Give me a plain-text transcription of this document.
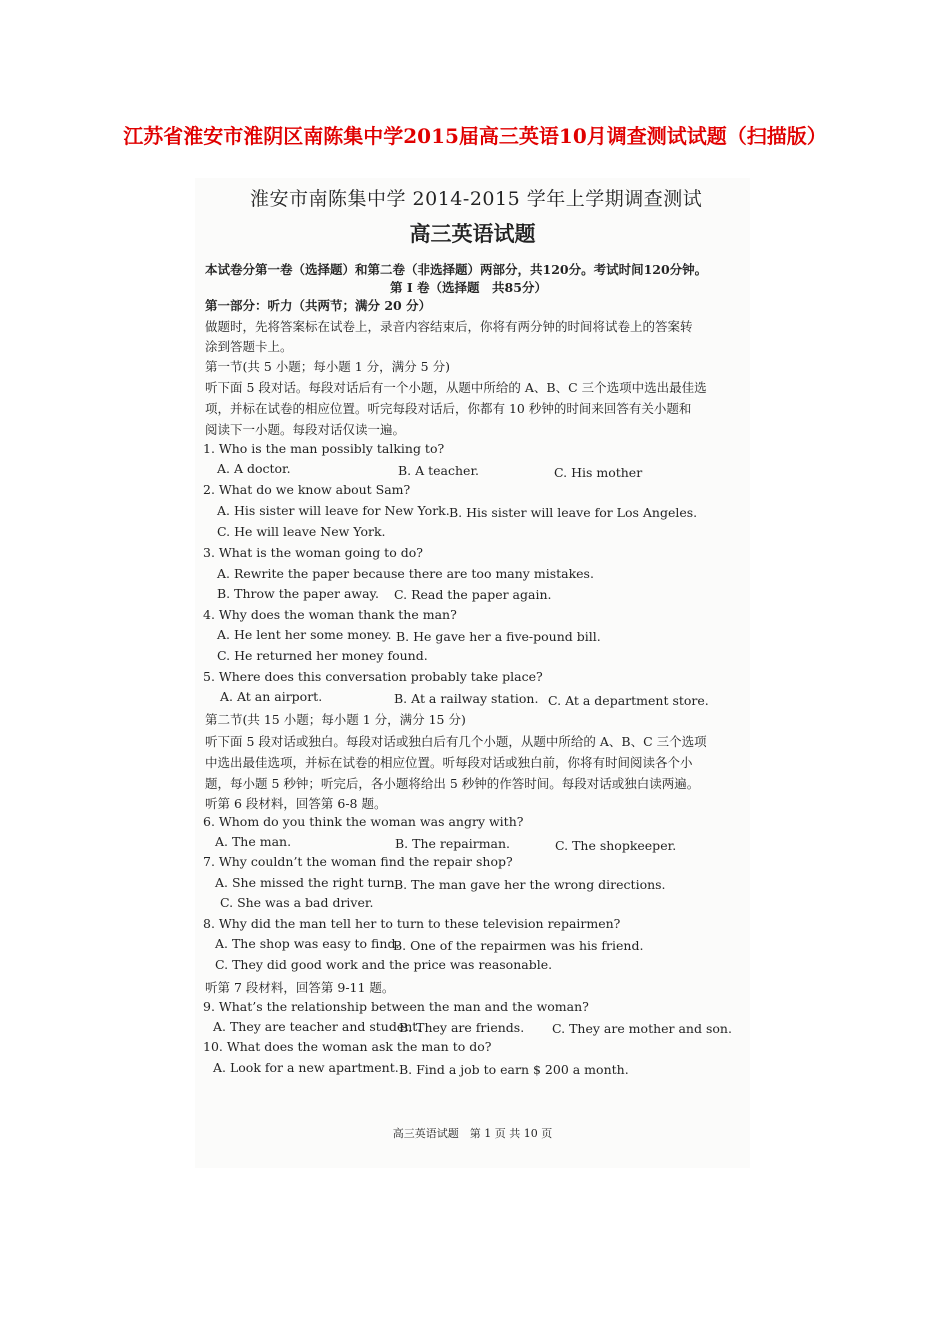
江苏省淮安市淮阴区南陈集中学2015届高三英语10月调查测试试题（扫描版）
淮安市南陈集中学 2014-2015 学年上学期调查测试
高三英语试题
本试卷分第一卷（选择题）和第二卷（非选择题）两部分，共120分。考试时间120分钟。
第 Ⅰ 卷（选择题　共85分）
第一部分：听力（共两节；满分 20 分）
做题时，先将答案标在试卷上，录音内容结束后，你将有两分钟的时间将试卷上的答案转
涂到答题卡上。
第一节(共 5 小题；每小题 1 分，满分 5 分)
听下面 5 段对话。每段对话后有一个小题，从题中所给的 A、B、C 三个选项中选出最佳选
项，并标在试卷的相应位置。听完每段对话后，你都有 10 秒钟的时间来回答有关小题和
阅读下一小题。每段对话仅读一遍。
1. Who is the man possibly talking to?
A. A doctor.	B. A teacher.	C. His mother
2. What do we know about Sam?
A. His sister will leave for New York. B. His sister will leave for Los Angeles.
C. He will leave New York.
3. What is the woman going to do?
A. Rewrite the paper because there are too many mistakes.
B. Throw the paper away. C. Read the paper again.
4. Why does the woman thank the man?
A. He lent her some money. B. He gave her a five-pound bill.
C. He returned her money found.
5. Where does this conversation probably take place?
A. At an airport.	B. At a railway station. C. At a department store.
第二节(共 15 小题；每小题 1 分，满分 15 分)
听下面 5 段对话或独白。每段对话或独白后有几个小题，从题中所给的 A、B、C 三个选项
中选出最佳选项，并标在试卷的相应位置。听每段对话或独白前，你将有时间阅读各个小
题，每小题 5 秒钟；听完后，各小题将给出 5 秒钟的作答时间。每段对话或独白读两遍。
听第 6 段材料，回答第 6-8 题。
6. Whom do you think the woman was angry with?
A. The man.	B. The repairman.	C. The shopkeeper.
7. Why couldn’t the woman find the repair shop?
A. She missed the right turn.
B. The man gave her the wrong directions.
C. She was a bad driver.
8. Why did the man tell her to turn to these television repairmen?
A. The shop was easy to find.
B. One of the repairmen was his friend.
C. They did good work and the price was reasonable.
听第 7 段材料，回答第 9-11 题。
9. What’s the relationship between the man and the woman?
A. They are teacher and student.
B. They are friends. C. They are mother and son.
10. What does the woman ask the man to do?
A. Look for a new apartment. B. Find a job to earn $ 200 a month.
高三英语试题　第 1 页 共 10 页
